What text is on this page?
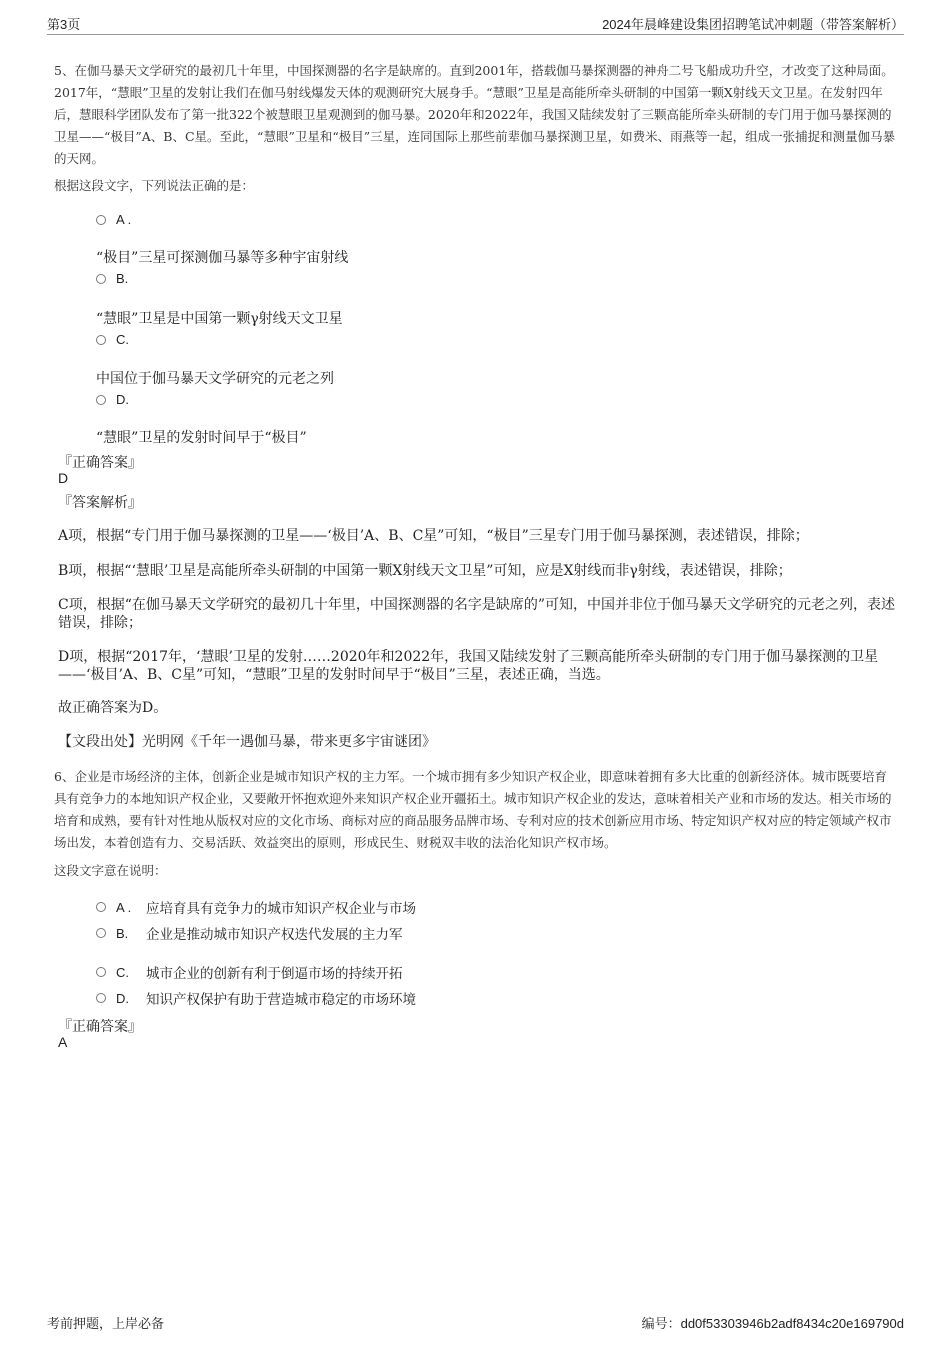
第3页	2024年晨峰建设集团招聘笔试冲刺题（带答案解析）
5、在伽马暴天文学研究的最初几十年里，中国探测器的名字是缺席的。直到2001年，搭载伽马暴探测器的神舟二号飞船成功升空，才改变了这种局面。2017年，“慧眼”卫星的发射让我们在伽马射线爆发天体的观测研究大展身手。“慧眼”卫星是高能所牵头研制的中国第一颗X射线天文卫星。在发射四年后，慧眼科学团队发布了第一批322个被慧眼卫星观测到的伽马暴。2020年和2022年，我国又陆续发射了三颗高能所牵头研制的专门用于伽马暴探测的卫星——“极目”A、B、C星。至此，“慧眼”卫星和“极目”三星，连同国际上那些前辈伽马暴探测卫星，如费米、雨燕等一起，组成一张捕捉和测量伽马暴的天网。
根据这段文字，下列说法正确的是：
A .
“极目”三星可探测伽马暴等多种宇宙射线
B.
“慧眼”卫星是中国第一颗γ射线天文卫星
C.
中国位于伽马暴天文学研究的元老之列
D.
“慧眼”卫星的发射时间早于“极目”
『正确答案』
D
『答案解析』
A项，根据“专门用于伽马暴探测的卫星——‘极目’A、B、C星”可知，“极目”三星专门用于伽马暴探测，表述错误，排除；
B项，根据“‘慧眼’卫星是高能所牵头研制的中国第一颗X射线天文卫星”可知，应是X射线而非γ射线，表述错误，排除；
C项，根据“在伽马暴天文学研究的最初几十年里，中国探测器的名字是缺席的”可知，中国并非位于伽马暴天文学研究的元老之列，表述错误，排除；
D项，根据“2017年，‘慧眼’卫星的发射……2020年和2022年，我国又陆续发射了三颗高能所牵头研制的专门用于伽马暴探测的卫星——‘极目’A、B、C星”可知，“慧眼”卫星的发射时间早于“极目”三星，表述正确，当选。
故正确答案为D。
【文段出处】光明网《千年一遇伽马暴，带来更多宇宙谜团》
6、企业是市场经济的主体，创新企业是城市知识产权的主力军。一个城市拥有多少知识产权企业，即意味着拥有多大比重的创新经济体。城市既要培育具有竞争力的本地知识产权企业，又要敞开怀抱欢迎外来知识产权企业开疆拓土。城市知识产权企业的发达，意味着相关产业和市场的发达。相关市场的培育和成熟，要有针对性地从版权对应的文化市场、商标对应的商品服务品牌市场、专利对应的技术创新应用市场、特定知识产权对应的特定领域产权市场出发，本着创造有力、交易活跃、效益突出的原则，形成民生、财税双丰收的法治化知识产权市场。
这段文字意在说明：
A .	应培育具有竞争力的城市知识产权企业与市场
B.	企业是推动城市知识产权迭代发展的主力军
C.	城市企业的创新有利于倒逼市场的持续开拓
D.	知识产权保护有助于营造城市稳定的市场环境
『正确答案』
A
考前押题，上岸必备	编号：dd0f53303946b2adf8434c20e169790d
